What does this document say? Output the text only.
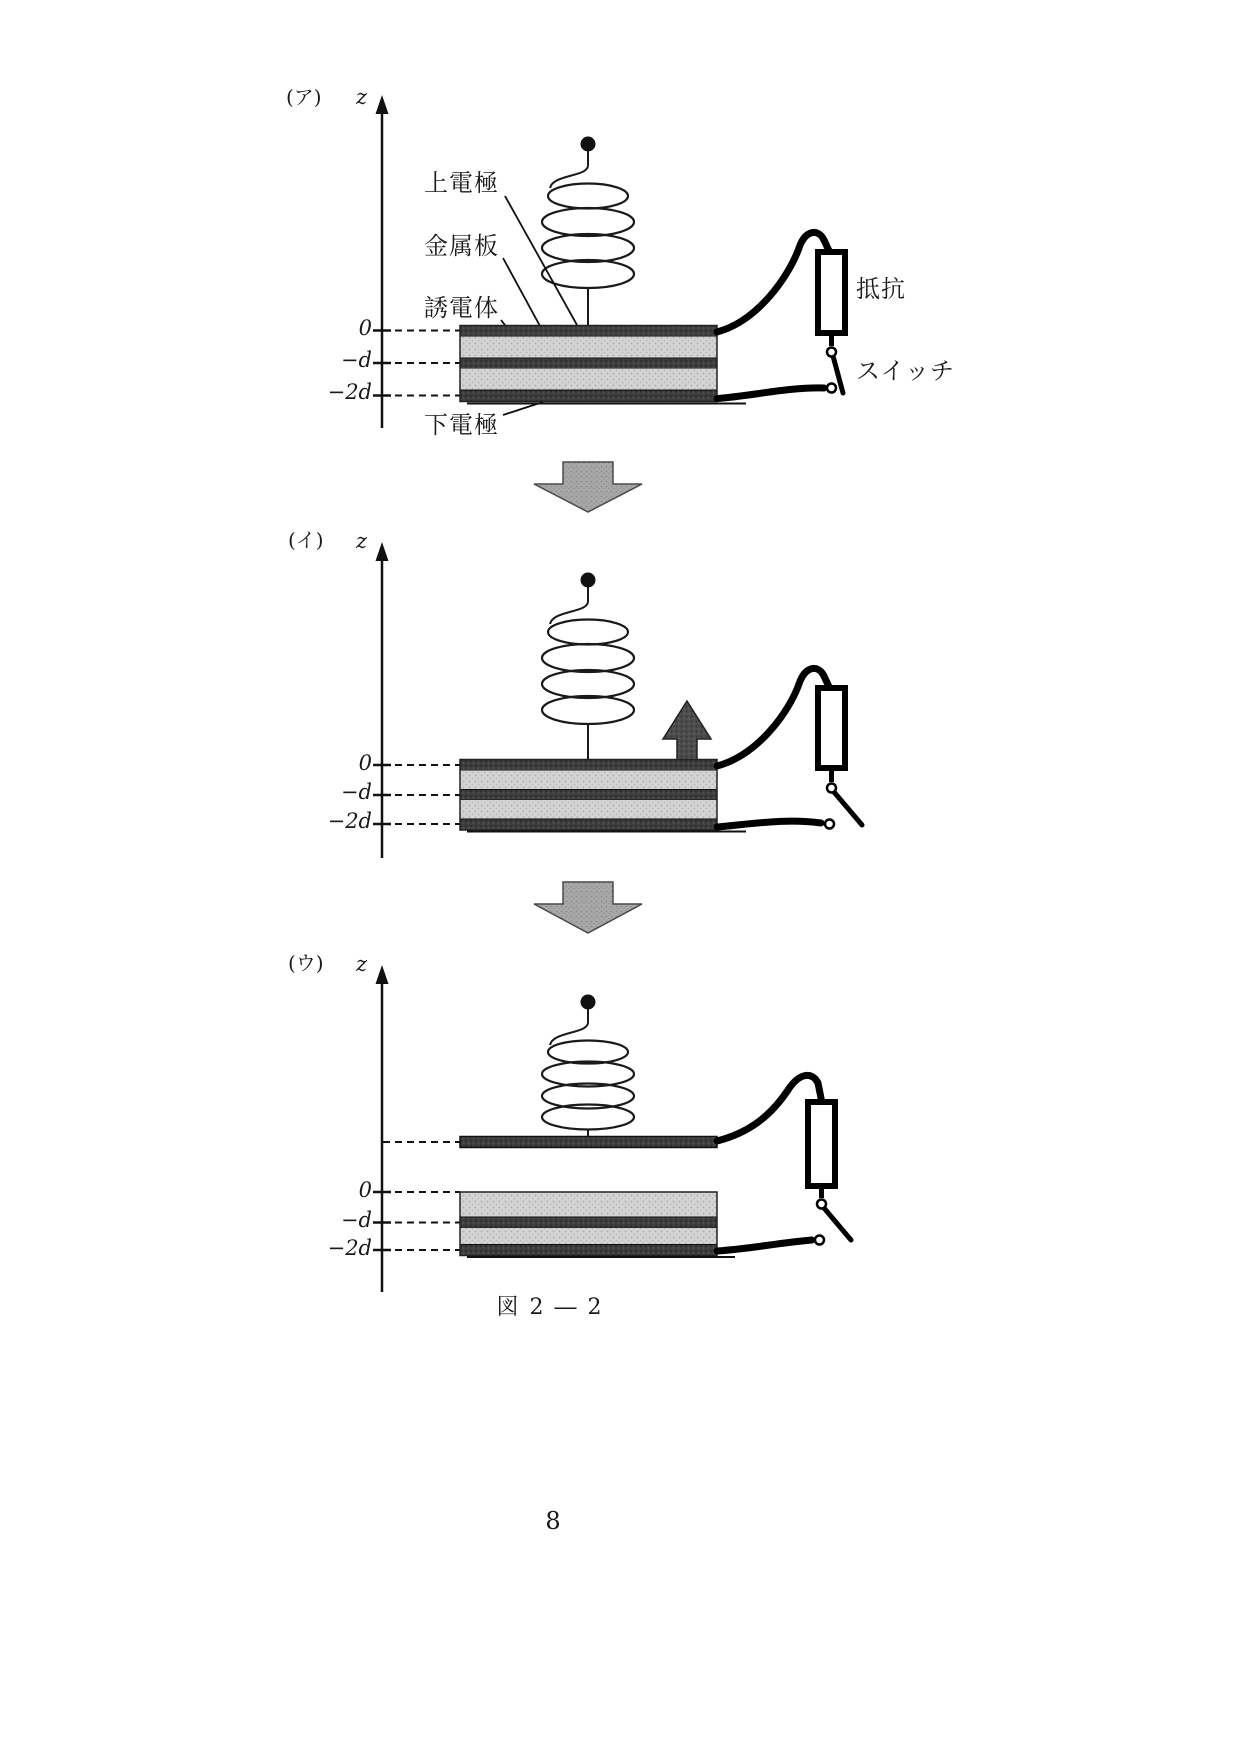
(ア) z
0
−d
−2d
上電極
金属板
誘電体
下電極
抵抗
スイッチ
(イ) z
0
−d
−2d
(ウ) z
0
−d
−2d
図 2 ― 2
8
